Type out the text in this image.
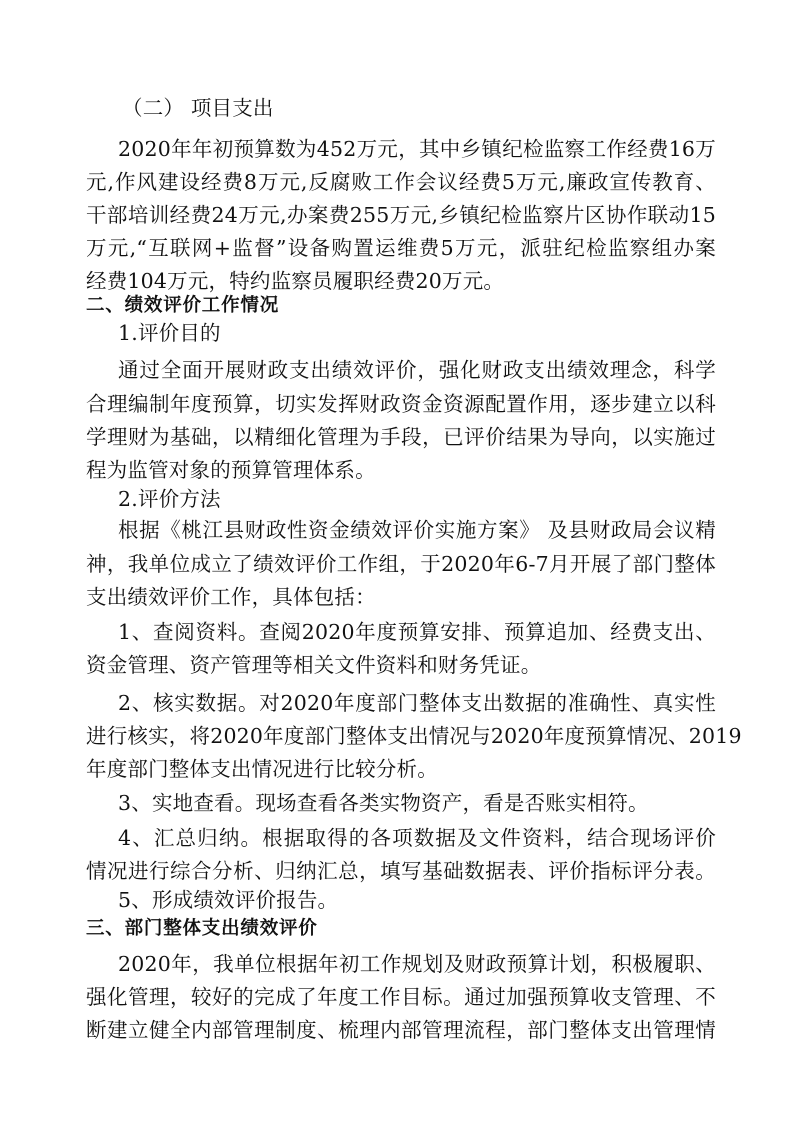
（二） 项目支出
2020年年初预算数为452万元，其中乡镇纪检监察工作经费16万
元,作风建设经费8万元,反腐败工作会议经费5万元,廉政宣传教育、
干部培训经费24万元,办案费255万元,乡镇纪检监察片区协作联动15
万元,“互联网+监督”设备购置运维费5万元，派驻纪检监察组办案
经费104万元，特约监察员履职经费20万元。
二、绩效评价工作情况
1.评价目的
通过全面开展财政支出绩效评价，强化财政支出绩效理念，科学
合理编制年度预算，切实发挥财政资金资源配置作用，逐步建立以科
学理财为基础，以精细化管理为手段，已评价结果为导向，以实施过
程为监管对象的预算管理体系。
2.评价方法
根据《桃江县财政性资金绩效评价实施方案》 及县财政局会议精
神，我单位成立了绩效评价工作组，于2020年6-7月开展了部门整体
支出绩效评价工作，具体包括：
1、查阅资料。查阅2020年度预算安排、预算追加、经费支出、
资金管理、资产管理等相关文件资料和财务凭证。
2、核实数据。对2020年度部门整体支出数据的准确性、真实性
进行核实，将2020年度部门整体支出情况与2020年度预算情况、2019
年度部门整体支出情况进行比较分析。
3、实地查看。现场查看各类实物资产，看是否账实相符。
4、汇总归纳。根据取得的各项数据及文件资料，结合现场评价
情况进行综合分析、归纳汇总，填写基础数据表、评价指标评分表。
5、形成绩效评价报告。
三、部门整体支出绩效评价
2020年，我单位根据年初工作规划及财政预算计划，积极履职、
强化管理，较好的完成了年度工作目标。通过加强预算收支管理、不
断建立健全内部管理制度、梳理内部管理流程，部门整体支出管理情
